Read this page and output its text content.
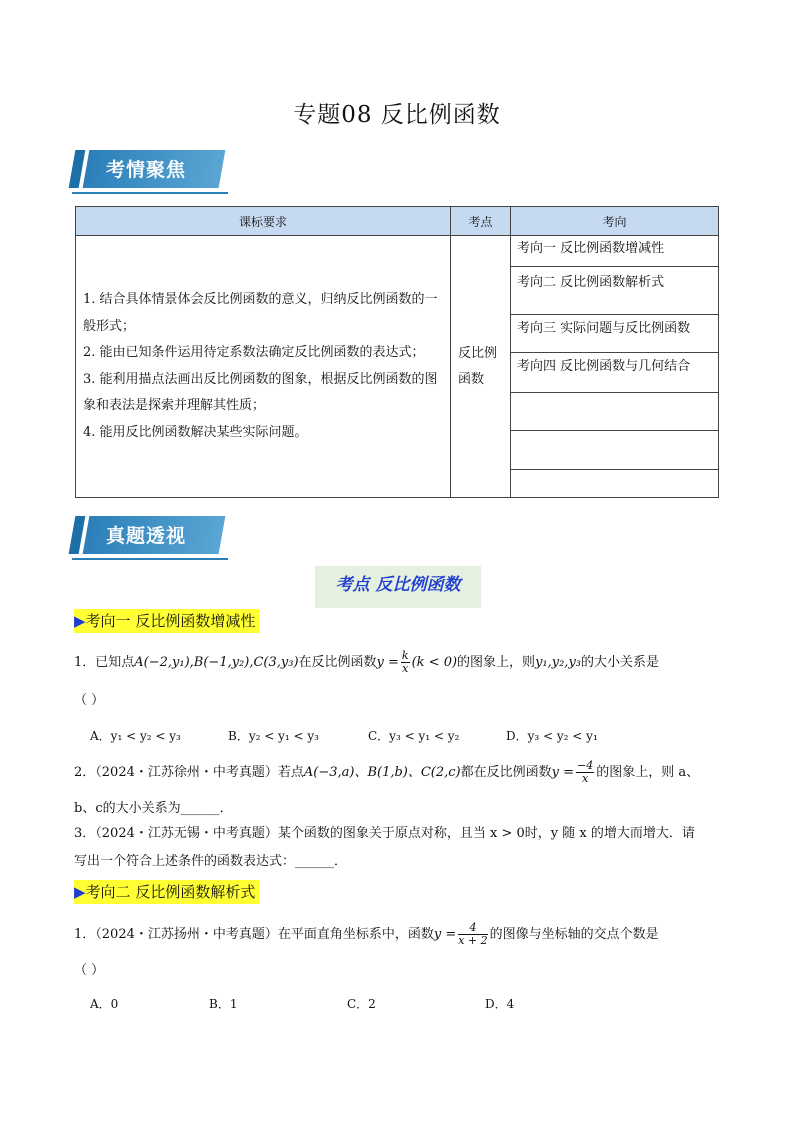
专题08 反比例函数
考情聚焦
课标要求	考点	考向

1. 结合具体情景体会反比例函数的意义，归纳反比例函数的一般形式；
2. 能由已知条件运用待定系数法确定反比例函数的表达式；
3. 能利用描点法画出反比例函数的图象，根据反比例函数的图象和表法是探索并理解其性质；
4. 能用反比例函数解决某些实际问题。	反比例函数	考向一 反比例函数增减性
		考向二 反比例函数解析式
		考向三 实际问题与反比例函数
		考向四 反比例函数与几何结合

真题透视
考点 反比例函数
▶考向一 反比例函数增减性
1．已知点A(−2,y₁),B(−1,y₂),C(3,y₃)在反比例函数$y = \frac{k}{x} (k < 0)$的图象上，则y₁,y₂,y₃的大小关系是
（ ）
A．y₁ < y₂ < y₃	B．y₂ < y₁ < y₃	C．y₃ < y₁ < y₂	D．y₃ < y₂ < y₁
2．（2024・江苏徐州・中考真题）若点A(−3,a)、B(1,b)、C(2,c)都在反比例函数$y = \frac{-4}{x}$ 的图象上，则 a、
b、c的大小关系为______．
3．（2024・江苏无锡・中考真题）某个函数的图象关于原点对称，且当 x > 0时，y 随 x 的增大而增大．请
写出一个符合上述条件的函数表达式：______．
▶考向二 反比例函数解析式
1．（2024・江苏扬州・中考真题）在平面直角坐标系中，函数$y = \frac{4}{x + 2}$ 的图像与坐标轴的交点个数是
（ ）
A．0	B．1	C．2	D．4
